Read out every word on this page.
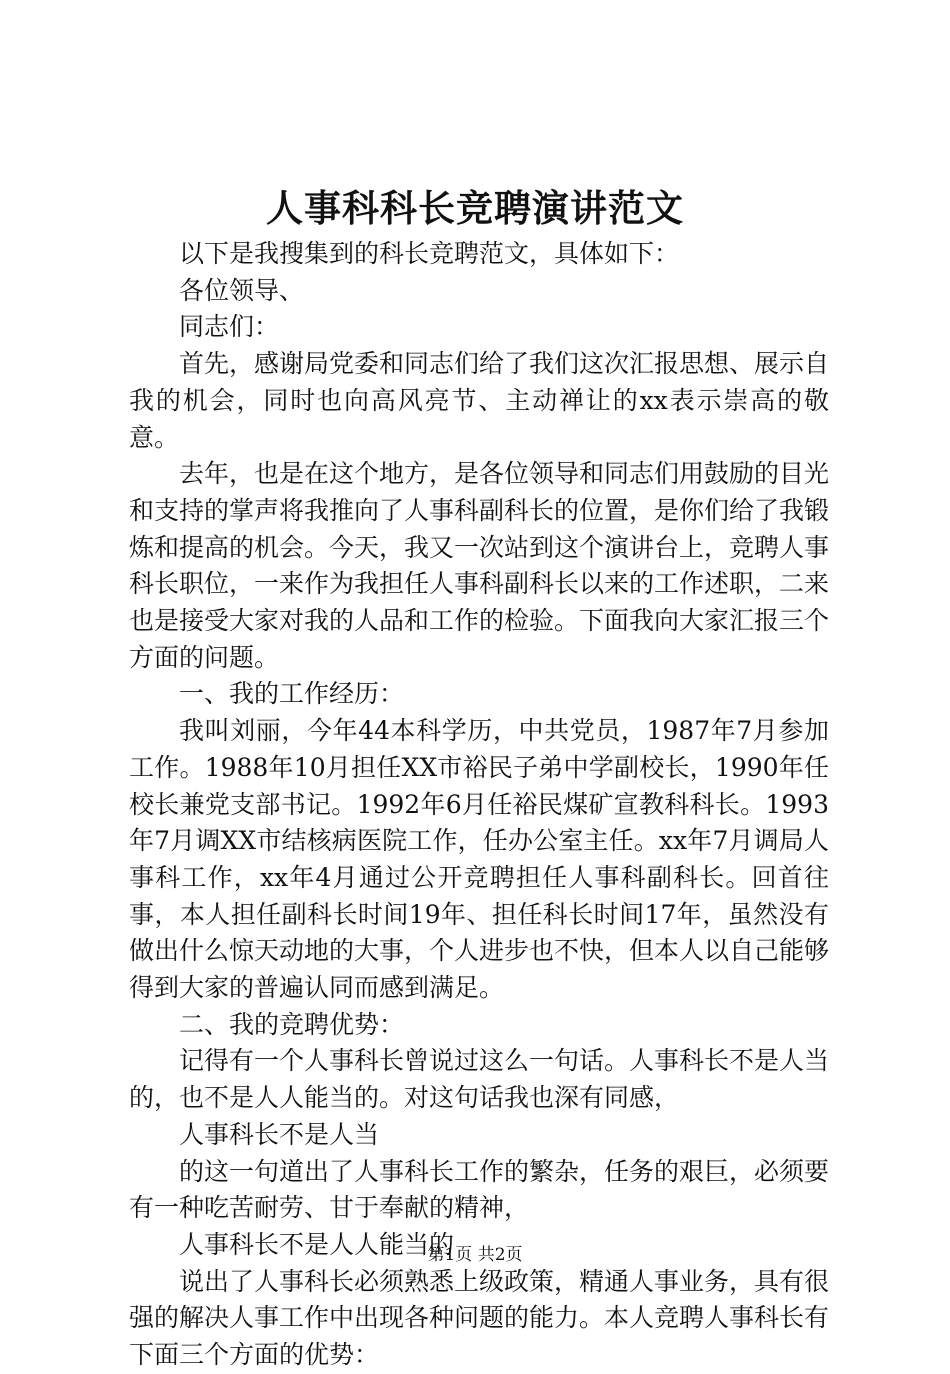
人事科科长竞聘演讲范文

以下是我搜集到的科长竞聘范文，具体如下：

各位领导、

同志们：

首先，感谢局党委和同志们给了我们这次汇报思想、展示自我的机会，同时也向高风亮节、主动禅让的xx表示崇高的敬意。

去年，也是在这个地方，是各位领导和同志们用鼓励的目光和支持的掌声将我推向了人事科副科长的位置，是你们给了我锻炼和提高的机会。今天，我又一次站到这个演讲台上，竞聘人事科长职位，一来作为我担任人事科副科长以来的工作述职，二来也是接受大家对我的人品和工作的检验。下面我向大家汇报三个方面的问题。

一、我的工作经历：

我叫刘丽，今年44本科学历，中共党员，1987年7月参加工作。1988年10月担任XX市裕民子弟中学副校长，1990年任校长兼党支部书记。1992年6月任裕民煤矿宣教科科长。1993年7月调XX市结核病医院工作，任办公室主任。xx年7月调局人事科工作，xx年4月通过公开竞聘担任人事科副科长。回首往事，本人担任副科长时间19年、担任科长时间17年，虽然没有做出什么惊天动地的大事，个人进步也不快，但本人以自己能够得到大家的普遍认同而感到满足。

二、我的竞聘优势：

记得有一个人事科长曾说过这么一句话。人事科长不是人当的，也不是人人能当的。对这句话我也深有同感，

人事科长不是人当

的这一句道出了人事科长工作的繁杂，任务的艰巨，必须要有一种吃苦耐劳、甘于奉献的精神，

人事科长不是人人能当的

说出了人事科长必须熟悉上级政策，精通人事业务，具有很强的解决人事工作中出现各种问题的能力。本人竞聘人事科长有下面三个方面的优势：

第1页 共2页
